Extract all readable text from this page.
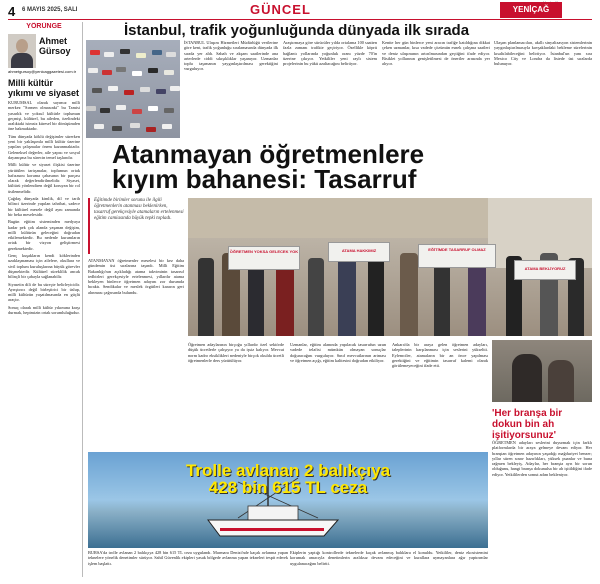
4 6 MAYIS 2025, SALI	GÜNCEL	YENİÇAĞ
YÖRÜNGE
Ahmet Gürsoy
ahmetgursoy@yenicaggazetesi.com.tr
Milli kültür yıkımı ve siyaset

KURUMSAL olarak sayımız milli merkez "Sırmen olmasınki" bu Tamisi yasarlık ve yoksul kültürle toplumun geçmişi, kültürel, bu aileden, özelindeki aralıktaki isimsiz küresel bir dönüşümden öne bakmaktadır.

Tüm dünyada köklü değişimler sürerken yeni bir yaklaşımla milli kültür üzerine yapılan çalışmalar önem kazanmaktadır. Geleneksel değerler, aile yapısı ve sosyal dayanışma bu sürecin temel taşlarıdır.

Milli kültür ve siyaset ilişkisi üzerine yürütülen tartışmalar, toplumun ortak hafızasını koruma çabasının bir parçası olarak değerlendirilmelidir. Siyaset, kültürü yönlendiren değil koruyan bir rol üstlenmelidir.

Çağdaş dünyada kimlik, dil ve tarih bilinci üzerinde yapılan tahribat, sadece bir kültürel mesele değil aynı zamanda bir beka meselesidir.

Bugün eğitim sisteminden medyaya kadar pek çok alanda yaşanan değişim, milli kültürün geleceğini doğrudan etkilemektedir. Bu nedenle kurumların ortak bir vizyon geliştirmesi gerekmektedir.

Genç kuşakların kendi köklerinden uzaklaşmaması için ailelere, okullara ve sivil toplum kuruluşlarına büyük görevler düşmektedir. Kültürel süreklilik ancak bilinçli bir çabayla sağlanabilir.

Siyasetin dili de bu süreçte belirleyicidir. Ayrıştırıcı değil birleştirici bir üslup, milli kültürün yaşatılmasında en güçlü araçtır.

Sonuç olarak milli kültür yıkımına karşı durmak, hepimizin ortak sorumluluğudur.

İstanbul, trafik yoğunluğunda dünyada ilk sırada
İSTANBUL Ulaşım Hizmetleri Müdürlüğü verilerine göre kent, trafik yoğunluğu sıralamasında dünyada ilk sırada yer aldı. Sabah ve akşam saatlerinde ana arterlerde ciddi sıkışıklıklar yaşanıyor. Uzmanlar toplu taşımanın yaygınlaştırılması gerektiğini vurguluyor.
Araştırmaya göre sürücüler yılda ortalama 100 saatten fazla zamanı trafikte geçiriyor. Özellikle köprü bağlantı yollarında yoğunluk oranı yüzde 70'in üzerine çıkıyor. Yetkililer yeni raylı sistem projelerinin bu yükü azaltacağını belirtiyor.
Kentte her gün binlerce yeni aracın trafiğe katıldığına dikkat çeken uzmanlar, kısa vadede çözümün esnek çalışma saatleri ve deniz ulaşımının artırılmasından geçtiğini ifade ediyor. Bisiklet yollarının genişletilmesi de öneriler arasında yer alıyor.
Ulaşım planlamacıları, akıllı sinyalizasyon sistemlerinin yaygınlaştırılmasıyla kavşaklardaki bekleme sürelerinin kısaltılabileceğini belirtiyor. İstanbul'un yanı sıra Mexico City ve Londra da listede üst sıralarda bulunuyor.
Atanmayan öğretmenlere
kıyım bahanesi: Tasarruf
Eğitimde birimler sorunu ile ilgili öğretmenlerin atanması beklenirken, tasarruf gerekçesiyle atamaların ertelenmesi eğitim camiasında büyük tepki topladı.
ÖĞRETMEN YOKSA GELECEK YOK	ATAMA HAKKIMIZ	EĞİTİMDE TASARRUF OLMAZ
ATAMA BEKLİYORUZ
ATANMAYAN öğretmenler meselesi bir kez daha gündemin üst sıralarına taşındı. Milli Eğitim Bakanlığı'nın açıkladığı atama takviminin tasarruf tedbirleri gerekçesiyle ertelenmesi, yıllardır atama bekleyen binlerce öğretmen adayını zor durumda bıraktı. Sendikalar ve meslek örgütleri kararın geri alınması çağrısında bulundu.
Öğretmen adaylarının birçoğu yıllardır özel sektörde düşük ücretlerle çalışıyor ya da işsiz kalıyor. Mevcut norm kadro eksiklikleri nedeniyle birçok okulda ücretli öğretmenlerle ders yürütülüyor.
Uzmanlar, eğitim alanında yapılacak tasarrufun uzun vadede telafisi mümkün olmayan sonuçlar doğuracağını vurguluyor. Sınıf mevcutlarının artması ve öğretmen açığı, eğitim kalitesini doğrudan etkiliyor.
Ankara'da bir araya gelen öğretmen adayları, taleplerinin karşılanması için seslerini yükseltti. Eylemciler, atamaların bir an önce yapılması gerektiğini ve eğitimin tasarruf kalemi olarak görülemeyeceğini ifade etti.
'Her branşa bir dokun bin ah işitiyorsunuz'
ÖĞRETMEN adayları seslerini duyurmak için farklı platformlarda bir araya gelmeye devam ediyor. Her branştan öğretmen adayının yaşadığı mağduriyet benzer; yıllar süren sınav hazırlıkları, yüksek puanlar ve buna rağmen bekleyiş. Adaylar, her branşta ayrı bir sorun olduğunu, hangi branşa dokunulsa bir ah işitildiğini ifade ediyor. Yetkililerden somut adım bekleniyor.
Trolle avlanan 2 balıkçıya
428 bin 615 TL ceza
BURSA'da trolle avlanan 2 balıkçıya 428 bin 615 TL ceza uygulandı. Marmara Denizi'nde kaçak avlanma yapan teknelere yönelik denetimler sürüyor. Sahil Güvenlik ekipleri yasak bölgede avlanma yapan tekneleri tespit ederek işlem başlattı.
Ekiplerin yaptığı kontrollerde teknelerde kaçak avlanmış balıklara el konuldu. Yetkililer, deniz ekosistemini korumak amacıyla denetimlerin aralıksız devam edeceğini ve kurallara uymayanlara ağır yaptırımlar uygulanacağını belirtti.
